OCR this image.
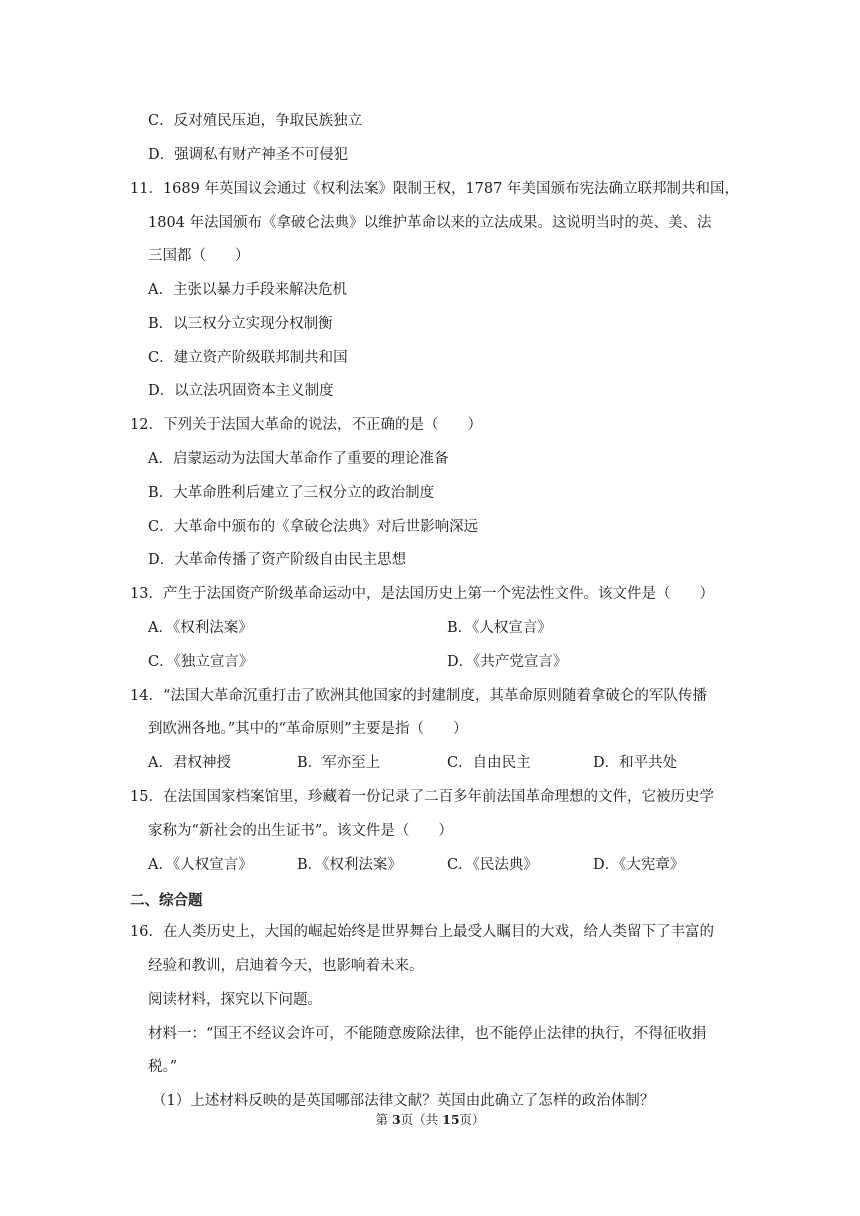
C．反对殖民压迫，争取民族独立
D．强调私有财产神圣不可侵犯
11．1689 年英国议会通过《权利法案》限制王权，1787 年美国颁布宪法确立联邦制共和国，
1804 年法国颁布《拿破仑法典》以维护革命以来的立法成果。这说明当时的英、美、法
三国都（　　）
A．主张以暴力手段来解决危机
B．以三权分立实现分权制衡
C．建立资产阶级联邦制共和国
D．以立法巩固资本主义制度
12．下列关于法国大革命的说法，不正确的是（　　）
A．启蒙运动为法国大革命作了重要的理论准备
B．大革命胜利后建立了三权分立的政治制度
C．大革命中颁布的《拿破仑法典》对后世影响深远
D．大革命传播了资产阶级自由民主思想
13．产生于法国资产阶级革命运动中，是法国历史上第一个宪法性文件。该文件是（　　）
A．《权利法案》	B．《人权宣言》
C．《独立宣言》	D．《共产党宣言》
14．“法国大革命沉重打击了欧洲其他国家的封建制度，其革命原则随着拿破仑的军队传播
到欧洲各地。”其中的“革命原则”主要是指（　　）
A．君权神授	B．军亦至上	C．自由民主	D．和平共处
15．在法国国家档案馆里，珍藏着一份记录了二百多年前法国革命理想的文件，它被历史学
家称为“新社会的出生证书”。该文件是（　　）
A．《人权宣言》	B．《权利法案》	C．《民法典》	D．《大宪章》
二、综合题
16．在人类历史上，大国的崛起始终是世界舞台上最受人瞩目的大戏，给人类留下了丰富的
经验和教训，启迪着今天，也影响着未来。
阅读材料，探究以下问题。
材料一：“国王不经议会许可，不能随意废除法律，也不能停止法律的执行，不得征收捐
税。”
（1）上述材料反映的是英国哪部法律文献？英国由此确立了怎样的政治体制？
第 3页（共 15页）
